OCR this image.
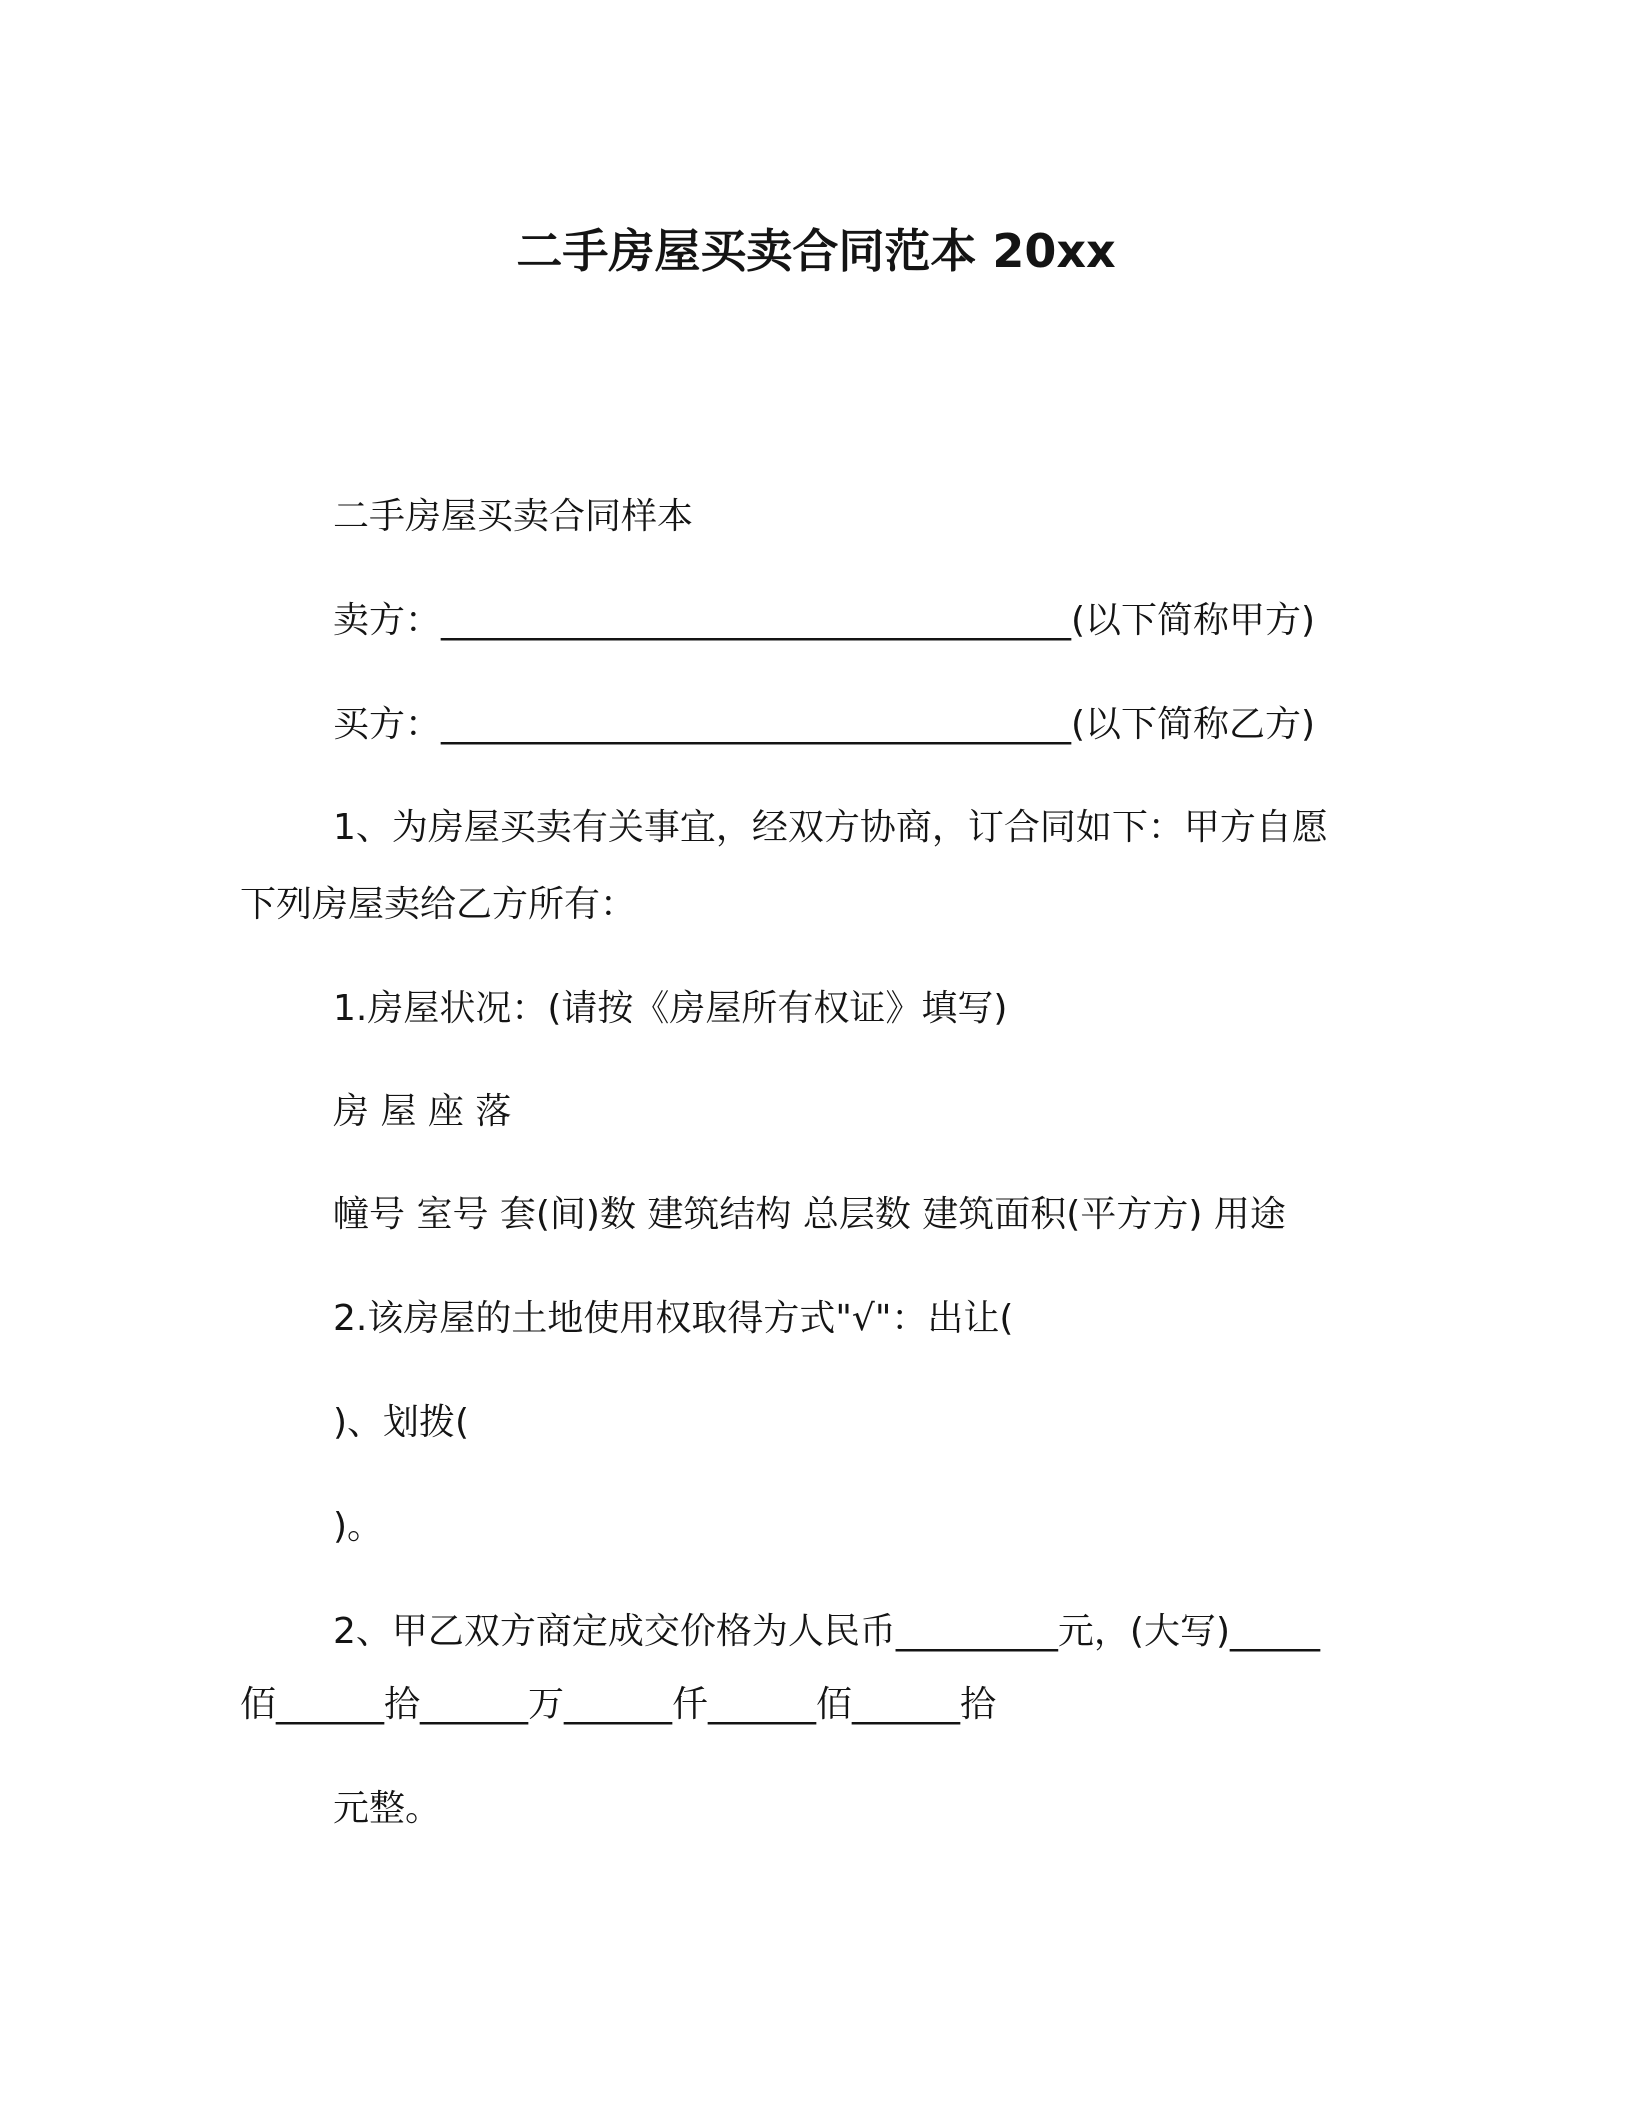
二手房屋买卖合同范本 20xx
二手房屋买卖合同样本
卖方：___________________________________(以下简称甲方)
买方：___________________________________(以下简称乙方)
1、为房屋买卖有关事宜，经双方协商，订合同如下：甲方自愿
下列房屋卖给乙方所有：
1.房屋状况：(请按《房屋所有权证》填写)
房 屋 座 落
幢号 室号 套(间)数 建筑结构 总层数 建筑面积(平方方) 用途
2.该房屋的土地使用权取得方式"√"：出让(
)、划拨(
)。
2、甲乙双方商定成交价格为人民币_________元，(大写)_____
佰______拾______万______仟______佰______拾
元整。
